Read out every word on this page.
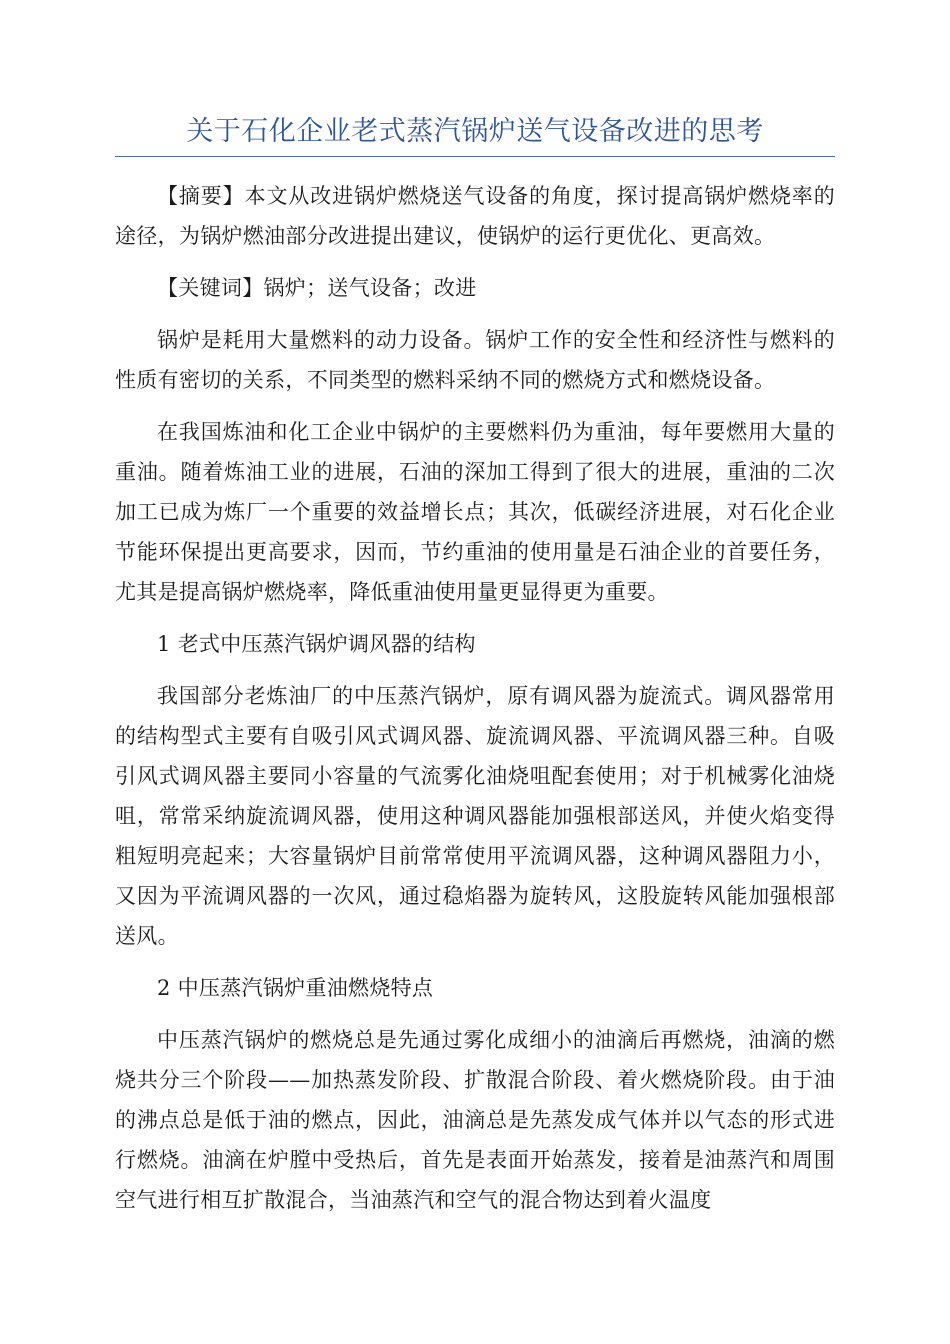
关于石化企业老式蒸汽锅炉送气设备改进的思考

【摘要】本文从改进锅炉燃烧送气设备的角度，探讨提高锅炉燃烧率的途径，为锅炉燃油部分改进提出建议，使锅炉的运行更优化、更高效。

【关键词】锅炉；送气设备；改进

锅炉是耗用大量燃料的动力设备。锅炉工作的安全性和经济性与燃料的性质有密切的关系，不同类型的燃料采纳不同的燃烧方式和燃烧设备。

在我国炼油和化工企业中锅炉的主要燃料仍为重油，每年要燃用大量的重油。随着炼油工业的进展，石油的深加工得到了很大的进展，重油的二次加工已成为炼厂一个重要的效益增长点；其次，低碳经济进展，对石化企业节能环保提出更高要求，因而，节约重油的使用量是石油企业的首要任务，尤其是提高锅炉燃烧率，降低重油使用量更显得更为重要。

1 老式中压蒸汽锅炉调风器的结构

我国部分老炼油厂的中压蒸汽锅炉，原有调风器为旋流式。调风器常用的结构型式主要有自吸引风式调风器、旋流调风器、平流调风器三种。自吸引风式调风器主要同小容量的气流雾化油烧咀配套使用；对于机械雾化油烧咀，常常采纳旋流调风器，使用这种调风器能加强根部送风，并使火焰变得粗短明亮起来；大容量锅炉目前常常使用平流调风器，这种调风器阻力小，又因为平流调风器的一次风，通过稳焰器为旋转风，这股旋转风能加强根部送风。

2 中压蒸汽锅炉重油燃烧特点

中压蒸汽锅炉的燃烧总是先通过雾化成细小的油滴后再燃烧，油滴的燃烧共分三个阶段——加热蒸发阶段、扩散混合阶段、着火燃烧阶段。由于油的沸点总是低于油的燃点，因此，油滴总是先蒸发成气体并以气态的形式进行燃烧。油滴在炉膛中受热后，首先是表面开始蒸发，接着是油蒸汽和周围空气进行相互扩散混合，当油蒸汽和空气的混合物达到着火温度
